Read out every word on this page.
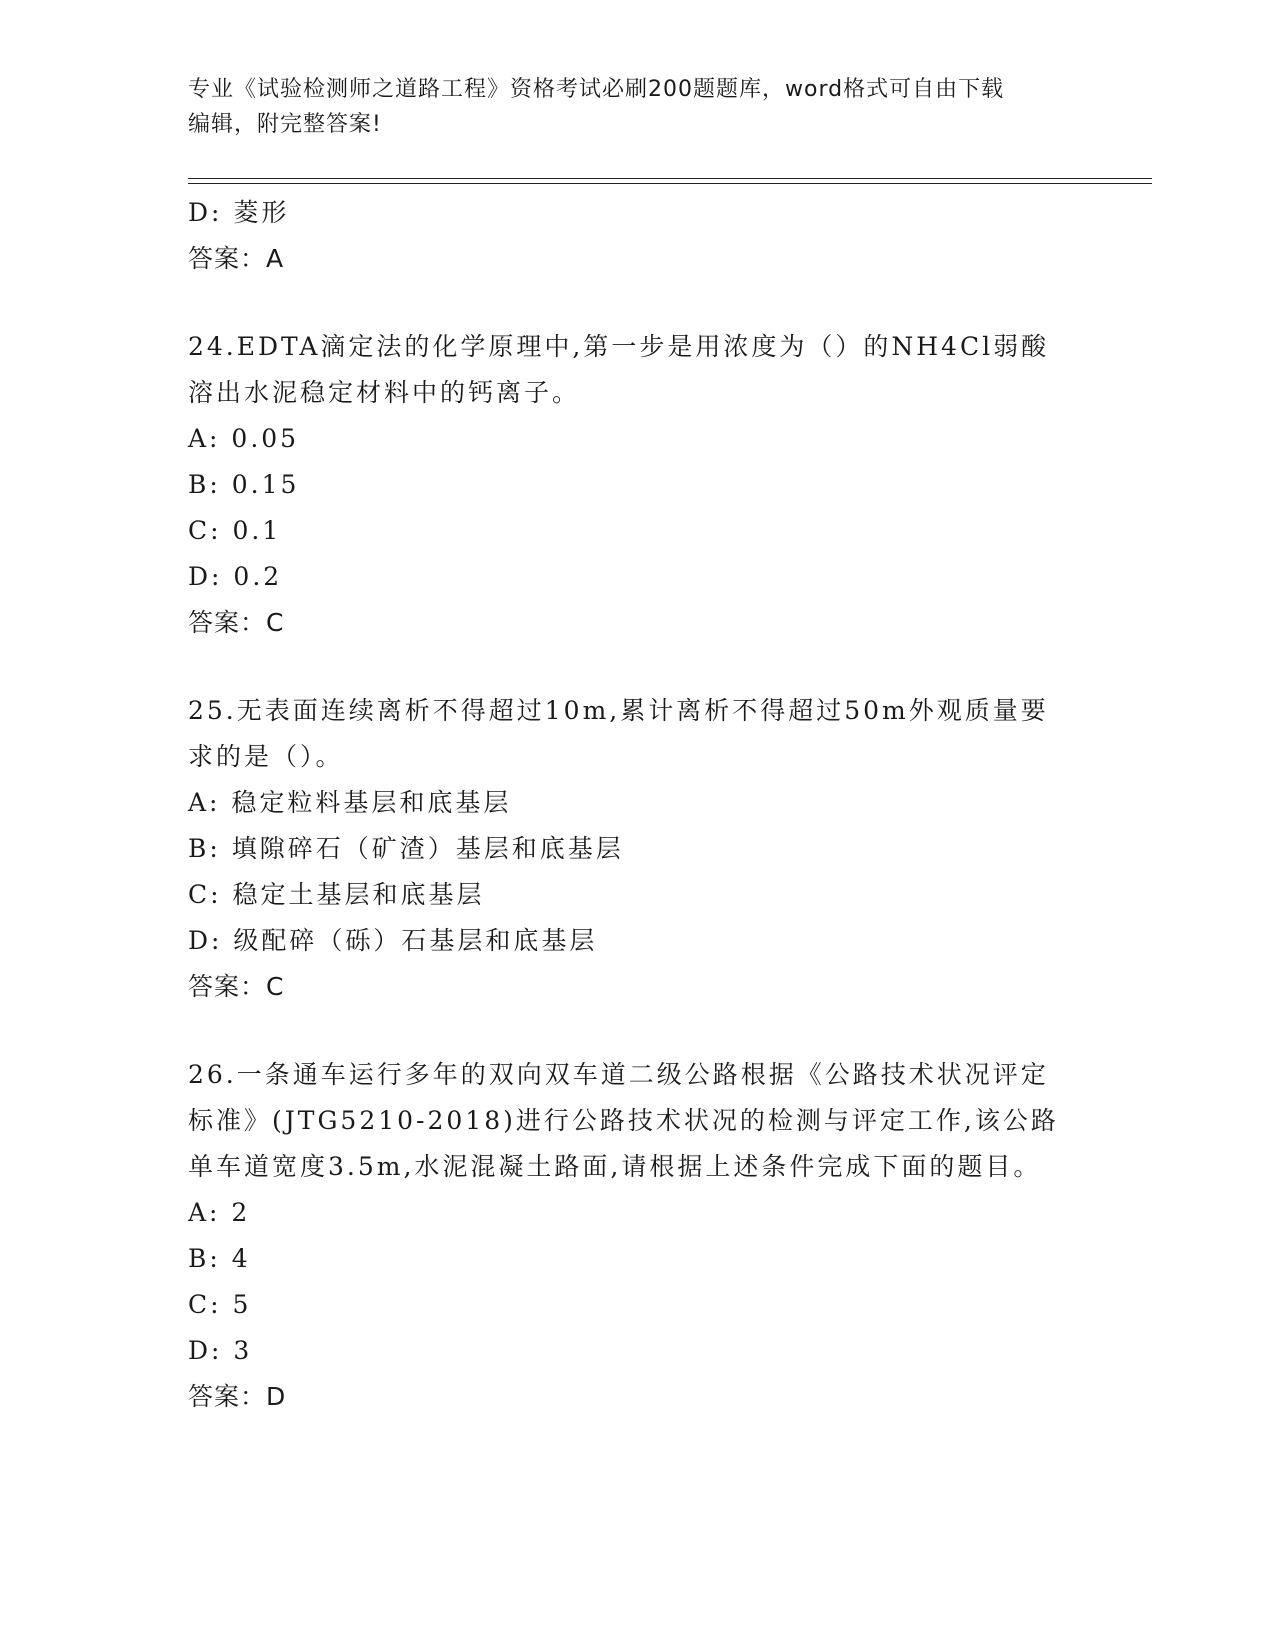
专业《试验检测师之道路工程》资格考试必刷200题题库，word格式可自由下载
编辑，附完整答案!
D: 菱形
答案：A
24.EDTA滴定法的化学原理中,第一步是用浓度为（）的NH4Cl弱酸溶出水泥稳定材料中的钙离子。
A: 0.05
B: 0.15
C: 0.1
D: 0.2
答案：C
25.无表面连续离析不得超过10m,累计离析不得超过50m外观质量要求的是（）。
A: 稳定粒料基层和底基层
B: 填隙碎石（矿渣）基层和底基层
C: 稳定土基层和底基层
D: 级配碎（砾）石基层和底基层
答案：C
26.一条通车运行多年的双向双车道二级公路根据《公路技术状况评定标准》(JTG5210-2018)进行公路技术状况的检测与评定工作,该公路单车道宽度3.5m,水泥混凝土路面,请根据上述条件完成下面的题目。
A: 2
B: 4
C: 5
D: 3
答案：D
